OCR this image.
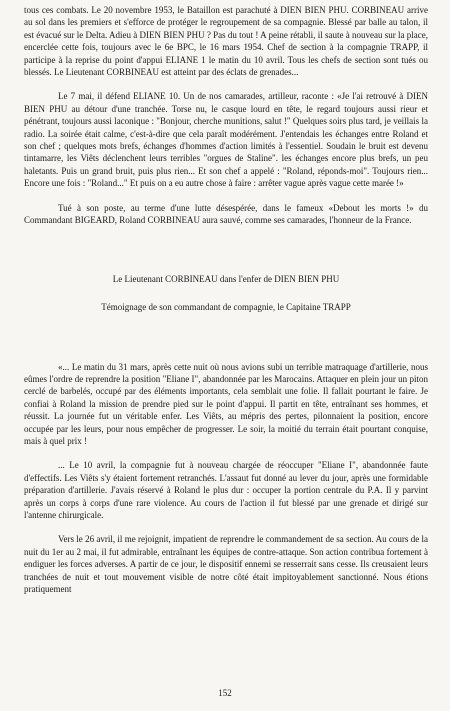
tous ces combats. Le 20 novembre 1953, le Bataillon est parachuté à DIEN BIEN PHU. CORBINEAU arrive au sol dans les premiers et s'efforce de protéger le regroupement de sa compagnie. Blessé par balle au talon, il est évacué sur le Delta. Adieu à DIEN BIEN PHU ? Pas du tout ! A peine rétabli, il saute à nouveau sur la place, encerclée cette fois, toujours avec le 6e BPC, le 16 mars 1954. Chef de section à la compagnie TRAPP, il participe à la reprise du point d'appui ELIANE 1 le matin du 10 avril. Tous les chefs de section sont tués ou blessés. Le Lieutenant CORBINEAU est atteint par des éclats de grenades...

Le 7 mai, il défend ELIANE 10. Un de nos camarades, artilleur, raconte : «Je l'ai retrouvé à DIEN BIEN PHU au détour d'une tranchée. Torse nu, le casque lourd en tête, le regard toujours aussi rieur et pénétrant, toujours aussi laconique : "Bonjour, cherche munitions, salut !" Quelques soirs plus tard, je veillais la radio. La soirée était calme, c'est-à-dire que cela paraît modérément. J'entendais les échanges entre Roland et son chef ; quelques mots brefs, échanges d'hommes d'action limités à l'essentiel. Soudain le bruit est devenu tintamarre, les Viêts déclenchent leurs terribles "orgues de Staline". les échanges encore plus brefs, un peu haletants. Puis un grand bruit, puis plus rien... Et son chef a appelé : "Roland, réponds-moi". Toujours rien... Encore une fois : "Roland..." Et puis on a eu autre chose à faire : arrêter vague après vague cette marée !»

Tué à son poste, au terme d'une lutte désespérée, dans le fameux «Debout les morts !» du Commandant BIGEARD, Roland CORBINEAU aura sauvé, comme ses camarades, l'honneur de la France.

Le Lieutenant CORBINEAU dans l'enfer de DIEN BIEN PHU
Témoignage de son commandant de compagnie, le Capitaine TRAPP

«... Le matin du 31 mars, après cette nuit où nous avions subi un terrible matraquage d'artillerie, nous eûmes l'ordre de reprendre la position "Eliane I", abandonnée par les Marocains. Attaquer en plein jour un piton cerclé de barbelés, occupé par des éléments importants, cela semblait une folie. Il fallait pourtant le faire. Je confiai à Roland la mission de prendre pied sur le point d'appui. Il partit en tête, entraînant ses hommes, et réussit. La journée fut un véritable enfer. Les Viêts, au mépris des pertes, pilonnaient la position, encore occupée par les leurs, pour nous empêcher de progresser. Le soir, la moitié du terrain était pourtant conquise, mais à quel prix !

... Le 10 avril, la compagnie fut à nouveau chargée de réoccuper "Eliane I", abandonnée faute d'effectifs. Les Viêts s'y étaient fortement retranchés. L'assaut fut donné au lever du jour, après une formidable préparation d'artillerie. J'avais réservé à Roland le plus dur : occuper la portion centrale du P.A. Il y parvint après un corps à corps d'une rare violence. Au cours de l'action il fut blessé par une grenade et dirigé sur l'antenne chirurgicale.

Vers le 26 avril, il me rejoignit, impatient de reprendre le commandement de sa section. Au cours de la nuit du 1er au 2 mai, il fut admirable, entraînant les équipes de contre-attaque. Son action contribua fortement à endiguer les forces adverses. A partir de ce jour, le dispositif ennemi se resserrait sans cesse. Ils creusaient leurs tranchées de nuit et tout mouvement visible de notre côté était impitoyablement sanctionné. Nous étions pratiquement

152
